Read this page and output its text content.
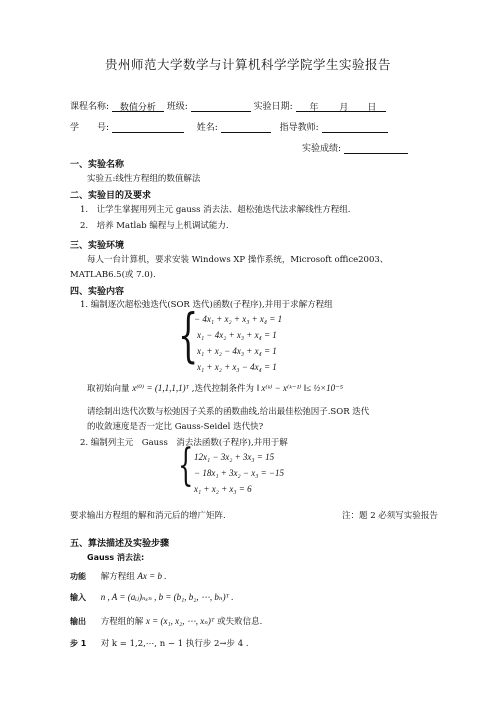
贵州师范大学数学与计算机科学学院学生实验报告
课程名称: 数值分析 班级:	实验日期: 年 月 日
学　　号:	姓名:	指导教师:
实验成绩:
一、实验名称
实验五:线性方程组的数值解法
二、实验目的及要求
1.　让学生掌握用列主元 gauss 消去法、超松弛迭代法求解线性方程组.
2.　培养 Matlab 编程与上机调试能力.
三、实验环境
每人一台计算机，要求安装 Windows XP 操作系统，Microsoft office2003、
MATLAB6.5(或 7.0).
四、实验内容
1. 编制逐次超松弛迭代(SOR 迭代)函数(子程序),并用于求解方程组
{
− 4x₁ + x₂ + x₃ + x₄ = 1
x₁ − 4x₂ + x₃ + x₄ = 1
x₁ + x₂ − 4x₃ + x₄ = 1
x₁ + x₂ + x₃ − 4x₄ = 1
取初始向量 x⁽⁰⁾ = (1,1,1,1)ᵀ ,迭代控制条件为 ‖ x⁽ᵏ⁾ − x⁽ᵏ⁻¹⁾ ‖≤ ½×10⁻⁵
请绘制出迭代次数与松弛因子关系的函数曲线,给出最佳松弛因子.SOR 迭代
的收敛速度是否一定比 Gauss-Seidel 迭代快?
2. 编制列主元　Gauss　消去法函数(子程序),并用于解
{ 12x₁ − 3x₂ + 3x₃ = 15
− 18x₁ + 3x₂ − x₃ = −15
x₁ + x₂ + x₃ = 6
要求输出方程组的解和消元后的增广矩阵.	注：题 2 必须写实验报告
五、算法描述及实验步骤
Gauss 消去法:
功能 解方程组 Ax = b .
输入 n , A = (aᵢⱼ)ₙₓₙ , b = (b₁, b₂, ⋯, bₙ)ᵀ .
输出 方程组的解 x = (x₁, x₂, ⋯, xₙ)ᵀ 或失败信息.
步 1 对 k = 1,2,⋯, n − 1 执行步 2→步 4 .
